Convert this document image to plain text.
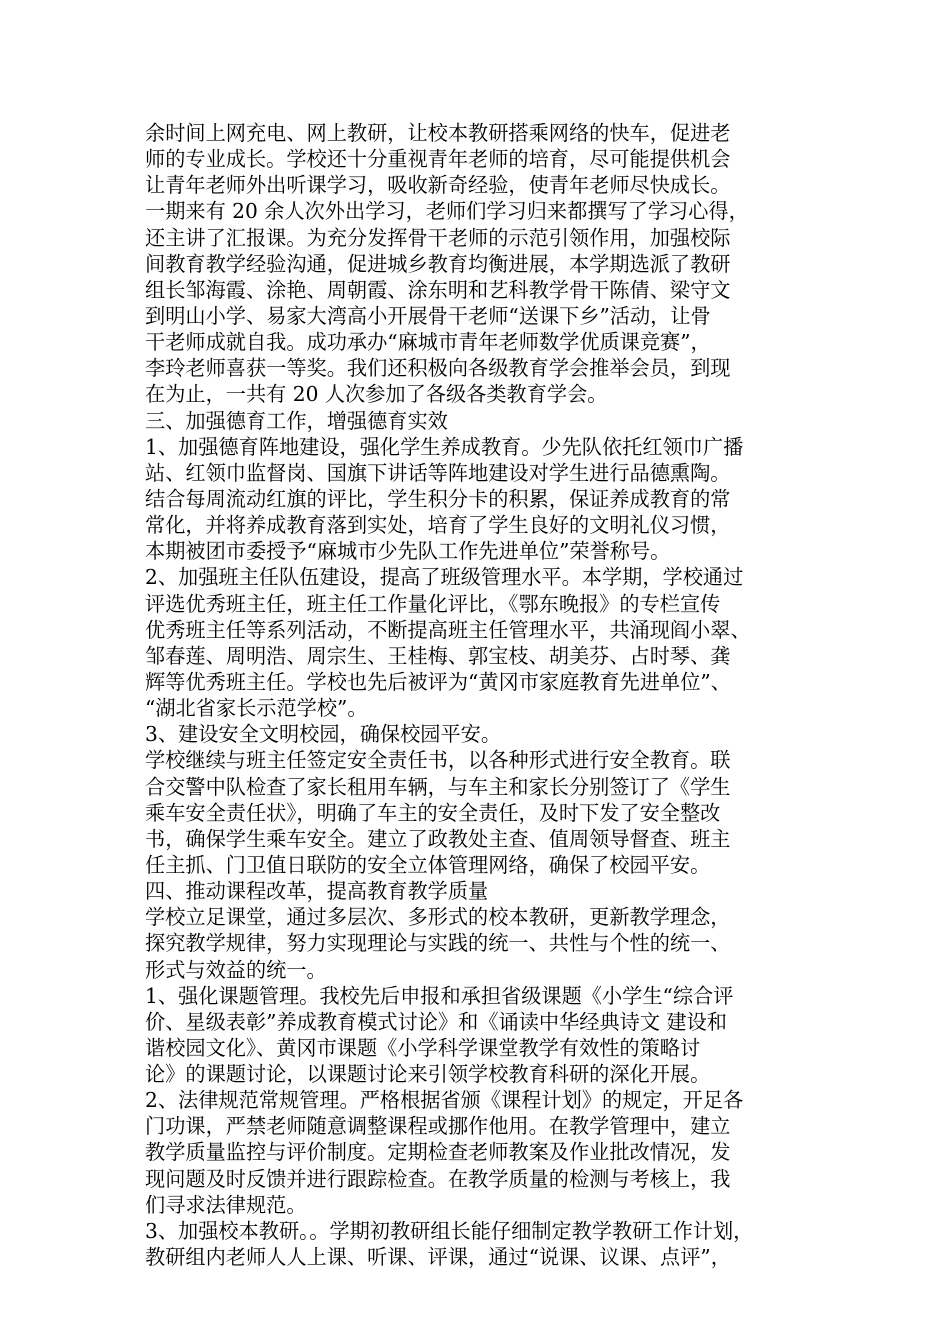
余时间上网充电、网上教研，让校本教研搭乘网络的快车，促进老
师的专业成长。学校还十分重视青年老师的培育，尽可能提供机会
让青年老师外出听课学习，吸收新奇经验，使青年老师尽快成长。
一期来有 20 余人次外出学习，老师们学习归来都撰写了学习心得，
还主讲了汇报课。为充分发挥骨干老师的示范引领作用，加强校际
间教育教学经验沟通，促进城乡教育均衡进展，本学期选派了教研
组长邹海霞、涂艳、周朝霞、涂东明和艺科教学骨干陈倩、梁守文
到明山小学、易家大湾高小开展骨干老师“送课下乡”活动，让骨
干老师成就自我。成功承办“麻城市青年老师数学优质课竞赛”，
李玲老师喜获一等奖。我们还积极向各级教育学会推举会员，到现
在为止，一共有 20 人次参加了各级各类教育学会。
三、加强德育工作，增强德育实效
1、加强德育阵地建设，强化学生养成教育。少先队依托红领巾广播
站、红领巾监督岗、国旗下讲话等阵地建设对学生进行品德熏陶。
结合每周流动红旗的评比，学生积分卡的积累，保证养成教育的常
常化，并将养成教育落到实处，培育了学生良好的文明礼仪习惯，
本期被团市委授予“麻城市少先队工作先进单位”荣誉称号。
2、加强班主任队伍建设，提高了班级管理水平。本学期，学校通过
评选优秀班主任，班主任工作量化评比，《鄂东晚报》的专栏宣传
优秀班主任等系列活动，不断提高班主任管理水平，共涌现阎小翠、
邹春莲、周明浩、周宗生、王桂梅、郭宝枝、胡美芬、占时琴、龚
辉等优秀班主任。学校也先后被评为“黄冈市家庭教育先进单位”、
“湖北省家长示范学校”。
3、建设安全文明校园，确保校园平安。
学校继续与班主任签定安全责任书，以各种形式进行安全教育。联
合交警中队检查了家长租用车辆，与车主和家长分别签订了《学生
乘车安全责任状》，明确了车主的安全责任，及时下发了安全整改
书，确保学生乘车安全。建立了政教处主查、值周领导督查、班主
任主抓、门卫值日联防的安全立体管理网络，确保了校园平安。
四、推动课程改革，提高教育教学质量
学校立足课堂，通过多层次、多形式的校本教研，更新教学理念，
探究教学规律，努力实现理论与实践的统一、共性与个性的统一、
形式与效益的统一。
1、强化课题管理。我校先后申报和承担省级课题《小学生“综合评
价、星级表彰”养成教育模式讨论》和《诵读中华经典诗文 建设和
谐校园文化》、黄冈市课题《小学科学课堂教学有效性的策略讨
论》的课题讨论，以课题讨论来引领学校教育科研的深化开展。
2、法律规范常规管理。严格根据省颁《课程计划》的规定，开足各
门功课，严禁老师随意调整课程或挪作他用。在教学管理中，建立
教学质量监控与评价制度。定期检查老师教案及作业批改情况，发
现问题及时反馈并进行跟踪检查。在教学质量的检测与考核上，我
们寻求法律规范。
3、加强校本教研。。学期初教研组长能仔细制定教学教研工作计划，
教研组内老师人人上课、听课、评课，通过“说课、议课、点评”，
